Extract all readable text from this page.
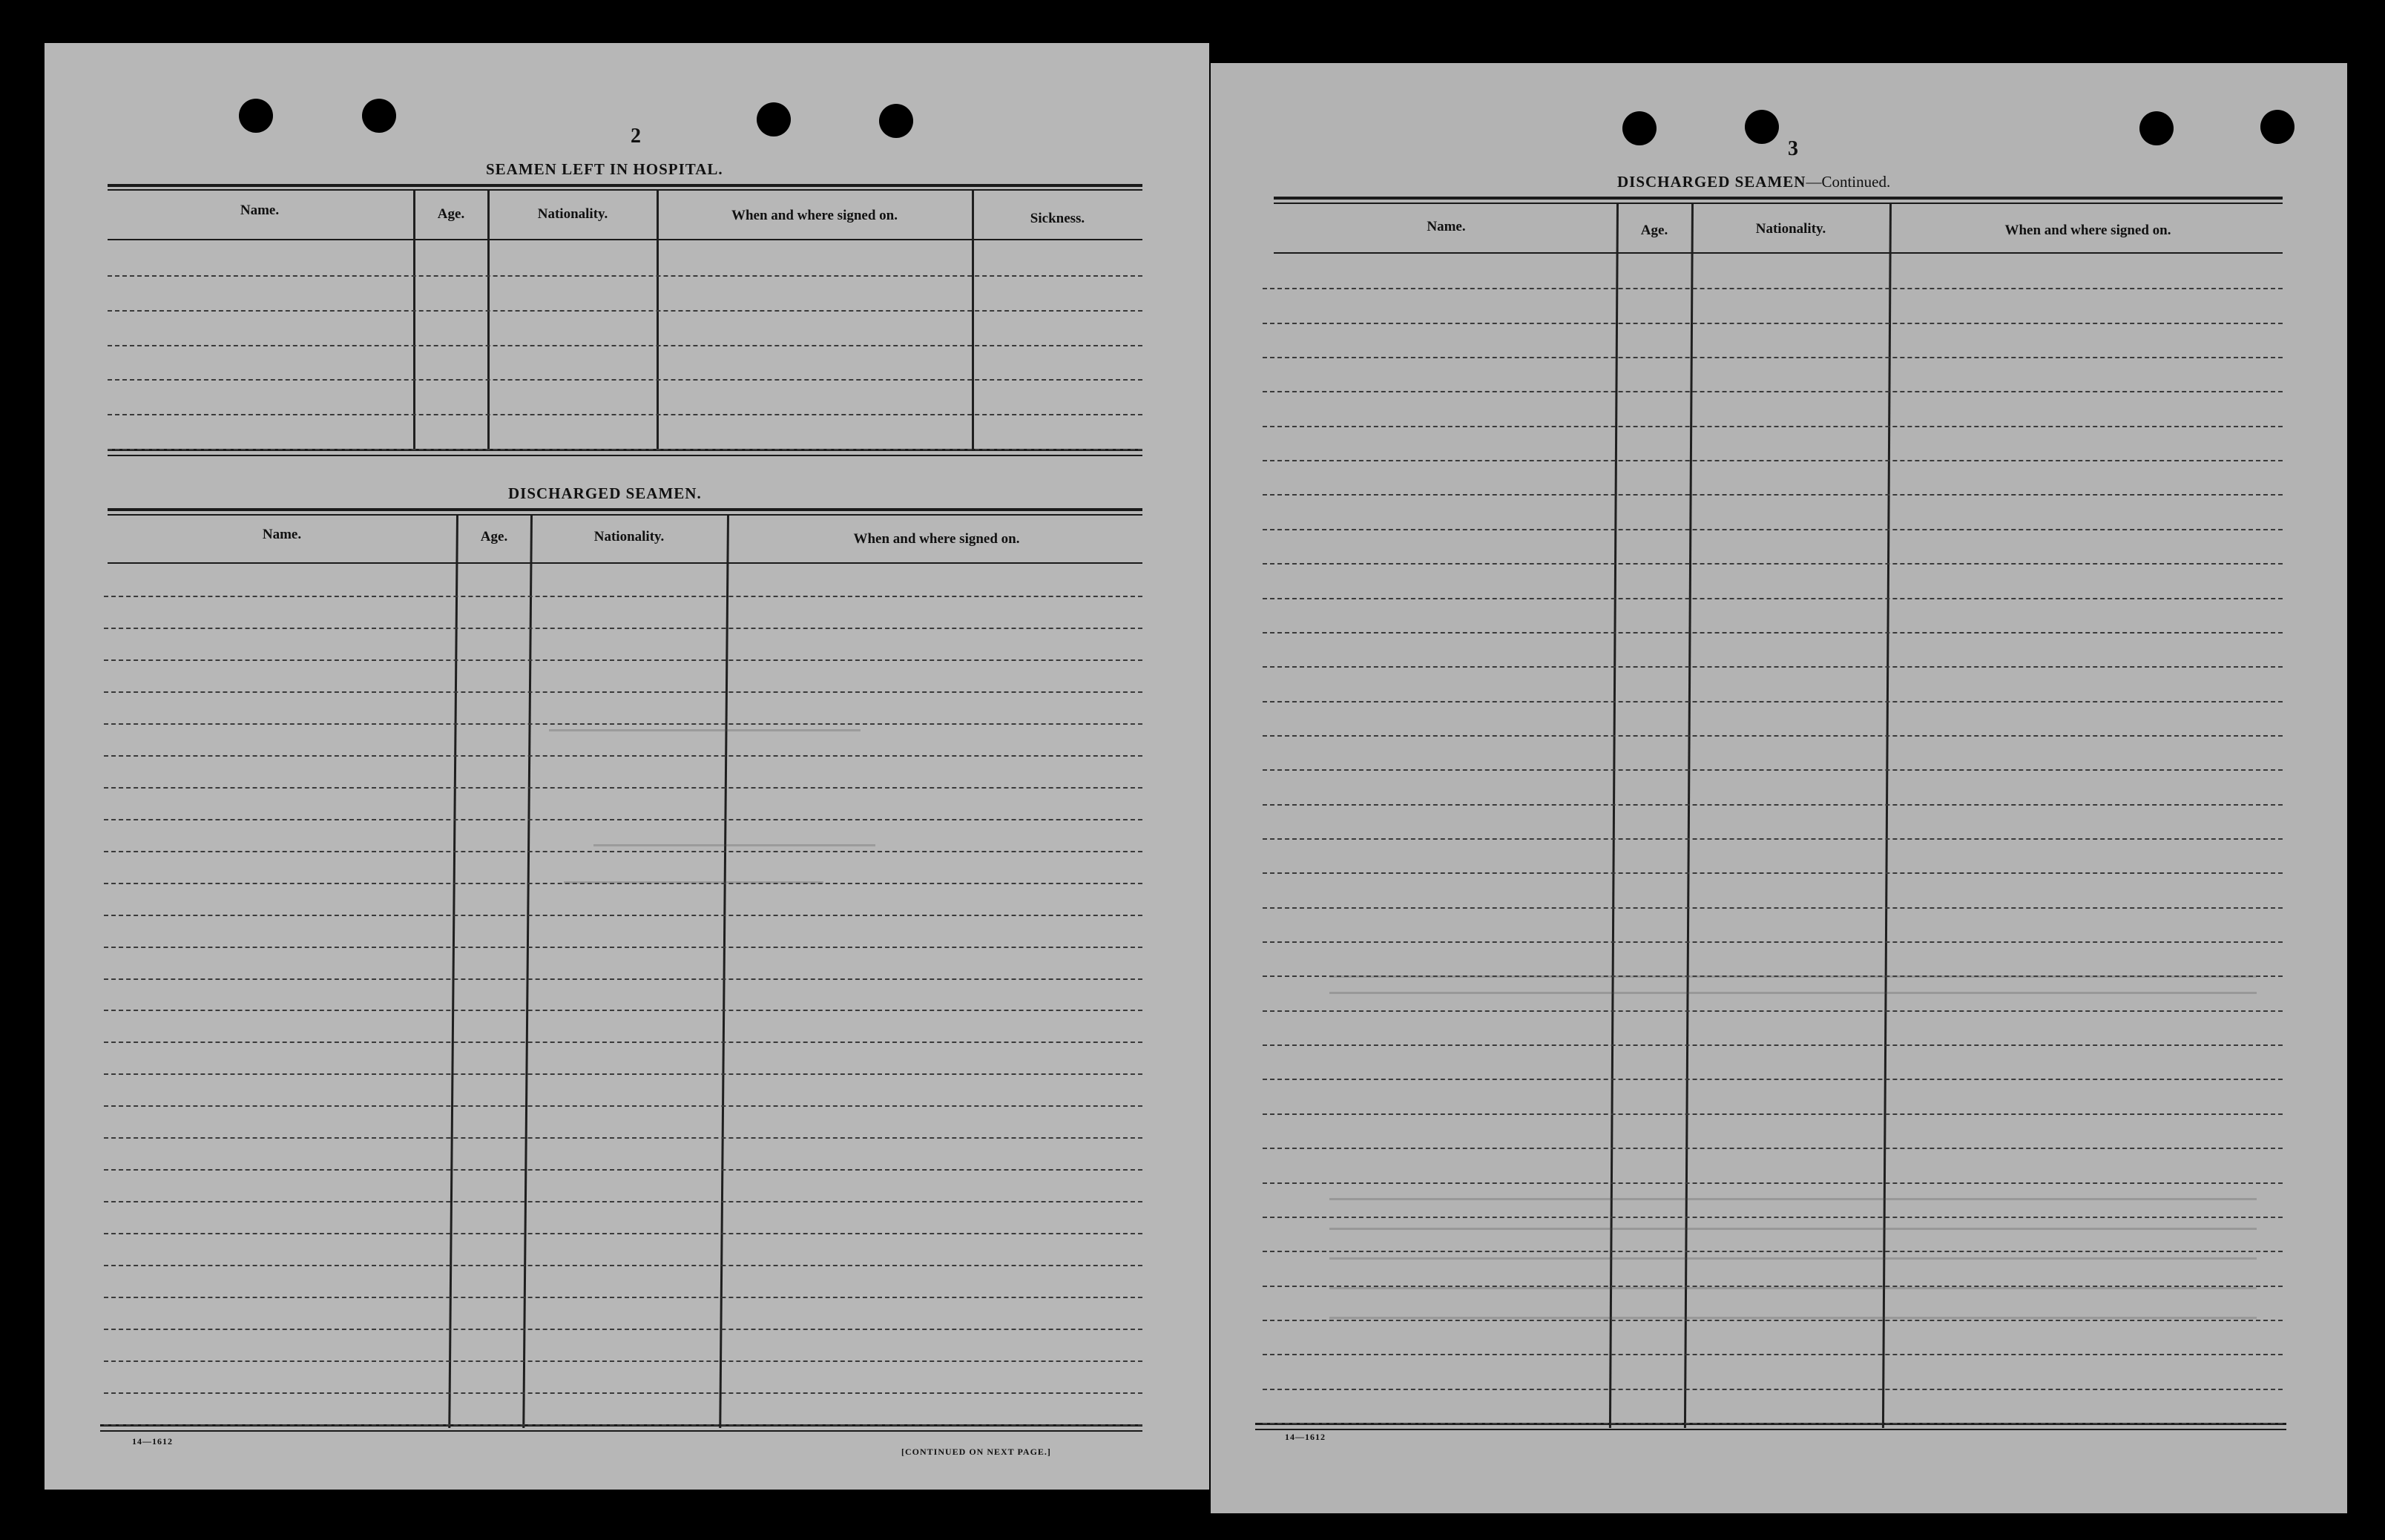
2
SEAMEN LEFT IN HOSPITAL.
Name.	Age.	Nationality.	When and where signed on.	Sickness.
DISCHARGED SEAMEN.
Name.	Age.	Nationality.	When and where signed on.
14—1612
[CONTINUED ON NEXT PAGE.]
3
DISCHARGED SEAMEN—Continued.
Name.	Age.	Nationality.	When and where signed on.
14—1612
